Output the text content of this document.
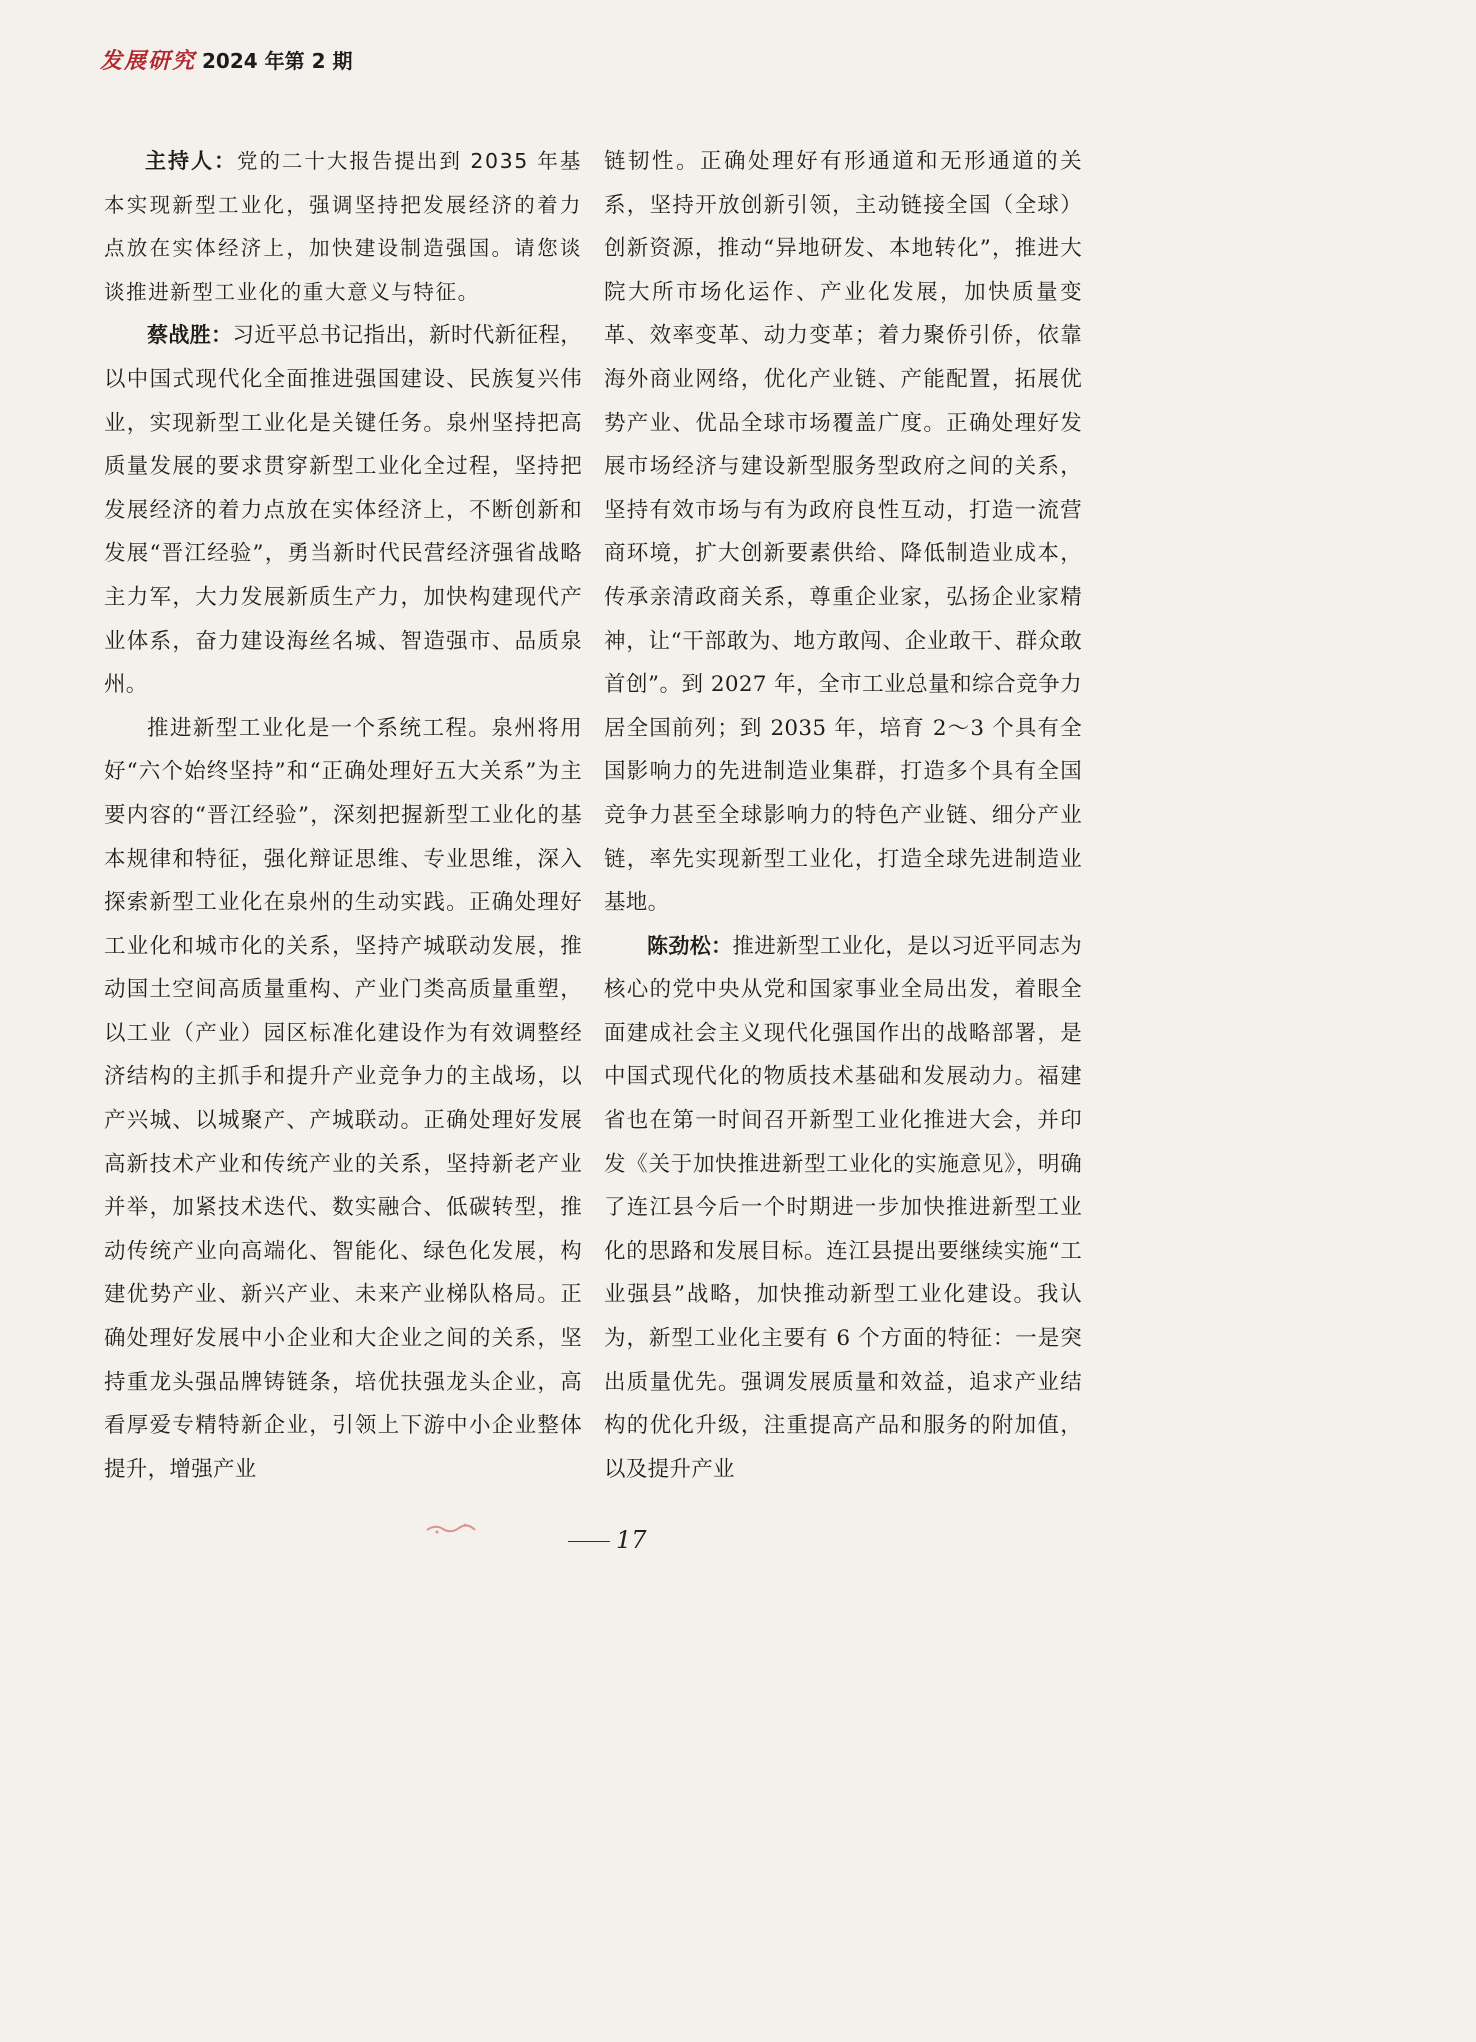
发展研究 2024 年第 2 期

主持人：党的二十大报告提出到 2035 年基本实现新型工业化，强调坚持把发展经济的着力点放在实体经济上，加快建设制造强国。请您谈谈推进新型工业化的重大意义与特征。

蔡战胜：习近平总书记指出，新时代新征程，以中国式现代化全面推进强国建设、民族复兴伟业，实现新型工业化是关键任务。泉州坚持把高质量发展的要求贯穿新型工业化全过程，坚持把发展经济的着力点放在实体经济上，不断创新和发展“晋江经验”，勇当新时代民营经济强省战略主力军，大力发展新质生产力，加快构建现代产业体系，奋力建设海丝名城、智造强市、品质泉州。

推进新型工业化是一个系统工程。泉州将用好“六个始终坚持”和“正确处理好五大关系”为主要内容的“晋江经验”，深刻把握新型工业化的基本规律和特征，强化辩证思维、专业思维，深入探索新型工业化在泉州的生动实践。正确处理好工业化和城市化的关系，坚持产城联动发展，推动国土空间高质量重构、产业门类高质量重塑，以工业（产业）园区标准化建设作为有效调整经济结构的主抓手和提升产业竞争力的主战场，以产兴城、以城聚产、产城联动。正确处理好发展高新技术产业和传统产业的关系，坚持新老产业并举，加紧技术迭代、数实融合、低碳转型，推动传统产业向高端化、智能化、绿色化发展，构建优势产业、新兴产业、未来产业梯队格局。正确处理好发展中小企业和大企业之间的关系，坚持重龙头强品牌铸链条，培优扶强龙头企业，高看厚爱专精特新企业，引领上下游中小企业整体提升，增强产业

链韧性。正确处理好有形通道和无形通道的关系，坚持开放创新引领，主动链接全国（全球）创新资源，推动“异地研发、本地转化”，推进大院大所市场化运作、产业化发展，加快质量变革、效率变革、动力变革；着力聚侨引侨，依靠海外商业网络，优化产业链、产能配置，拓展优势产业、优品全球市场覆盖广度。正确处理好发展市场经济与建设新型服务型政府之间的关系，坚持有效市场与有为政府良性互动，打造一流营商环境，扩大创新要素供给、降低制造业成本，传承亲清政商关系，尊重企业家，弘扬企业家精神，让“干部敢为、地方敢闯、企业敢干、群众敢首创”。到 2027 年，全市工业总量和综合竞争力居全国前列；到 2035 年，培育 2～3 个具有全国影响力的先进制造业集群，打造多个具有全国竞争力甚至全球影响力的特色产业链、细分产业链，率先实现新型工业化，打造全球先进制造业基地。

陈劲松：推进新型工业化，是以习近平同志为核心的党中央从党和国家事业全局出发，着眼全面建成社会主义现代化强国作出的战略部署，是中国式现代化的物质技术基础和发展动力。福建省也在第一时间召开新型工业化推进大会，并印发《关于加快推进新型工业化的实施意见》，明确了连江县今后一个时期进一步加快推进新型工业化的思路和发展目标。连江县提出要继续实施“工业强县”战略，加快推动新型工业化建设。我认为，新型工业化主要有 6 个方面的特征：一是突出质量优先。强调发展质量和效益，追求产业结构的优化升级，注重提高产品和服务的附加值，以及提升产业

17
